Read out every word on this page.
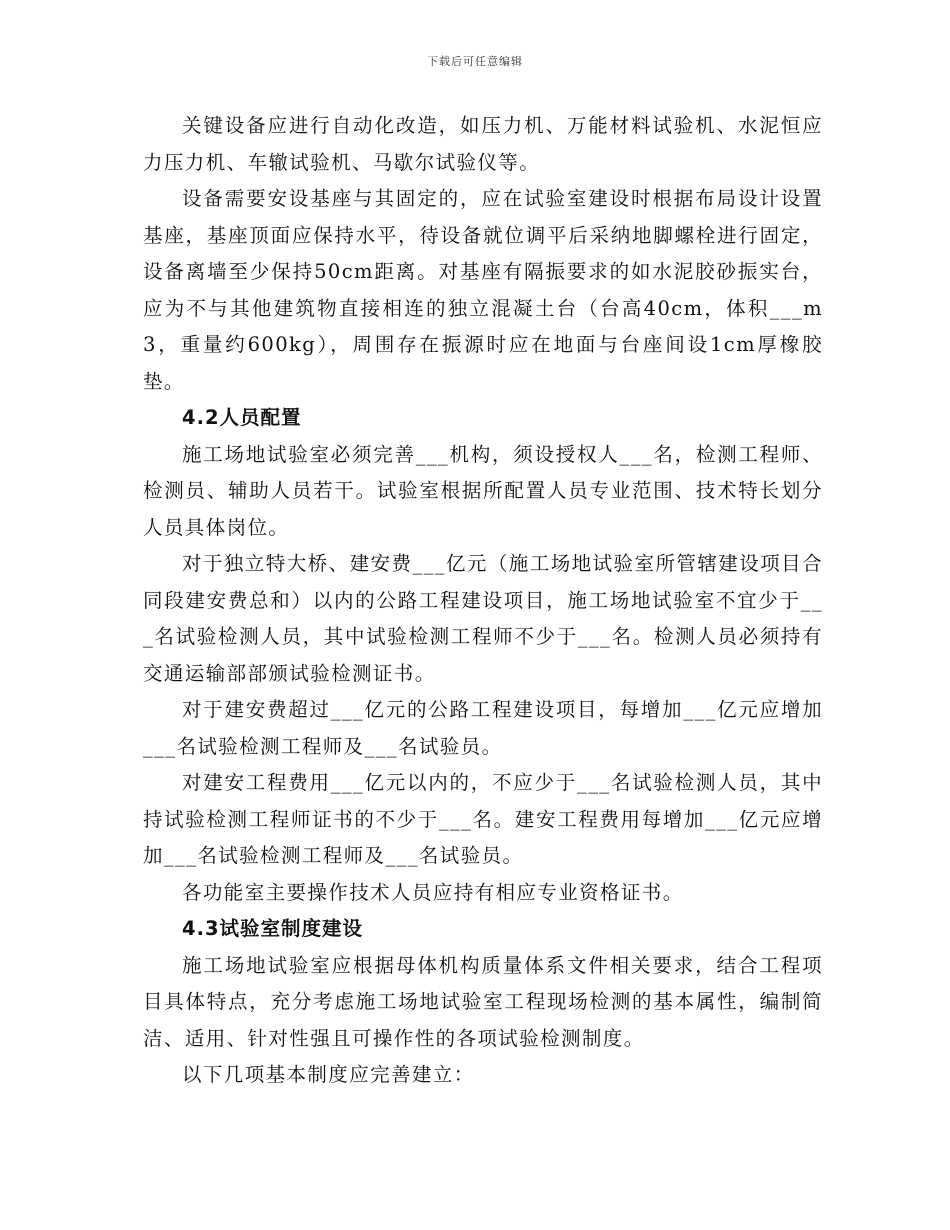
下载后可任意编辑

关键设备应进行自动化改造，如压力机、万能材料试验机、水泥恒应力压力机、车辙试验机、马歇尔试验仪等。

设备需要安设基座与其固定的，应在试验室建设时根据布局设计设置基座，基座顶面应保持水平，待设备就位调平后采纳地脚螺栓进行固定，设备离墙至少保持50cm距离。对基座有隔振要求的如水泥胶砂振实台，应为不与其他建筑物直接相连的独立混凝土台（台高40cm，体积___m3，重量约600kg），周围存在振源时应在地面与台座间设1cm厚橡胶垫。

4.2人员配置

施工场地试验室必须完善___机构，须设授权人___名，检测工程师、检测员、辅助人员若干。试验室根据所配置人员专业范围、技术特长划分人员具体岗位。

对于独立特大桥、建安费___亿元（施工场地试验室所管辖建设项目合同段建安费总和）以内的公路工程建设项目，施工场地试验室不宜少于___名试验检测人员，其中试验检测工程师不少于___名。检测人员必须持有交通运输部部颁试验检测证书。

对于建安费超过___亿元的公路工程建设项目，每增加___亿元应增加___名试验检测工程师及___名试验员。

对建安工程费用___亿元以内的，不应少于___名试验检测人员，其中持试验检测工程师证书的不少于___名。建安工程费用每增加___亿元应增加___名试验检测工程师及___名试验员。

各功能室主要操作技术人员应持有相应专业资格证书。

4.3试验室制度建设

施工场地试验室应根据母体机构质量体系文件相关要求，结合工程项目具体特点，充分考虑施工场地试验室工程现场检测的基本属性，编制简洁、适用、针对性强且可操作性的各项试验检测制度。

以下几项基本制度应完善建立：
